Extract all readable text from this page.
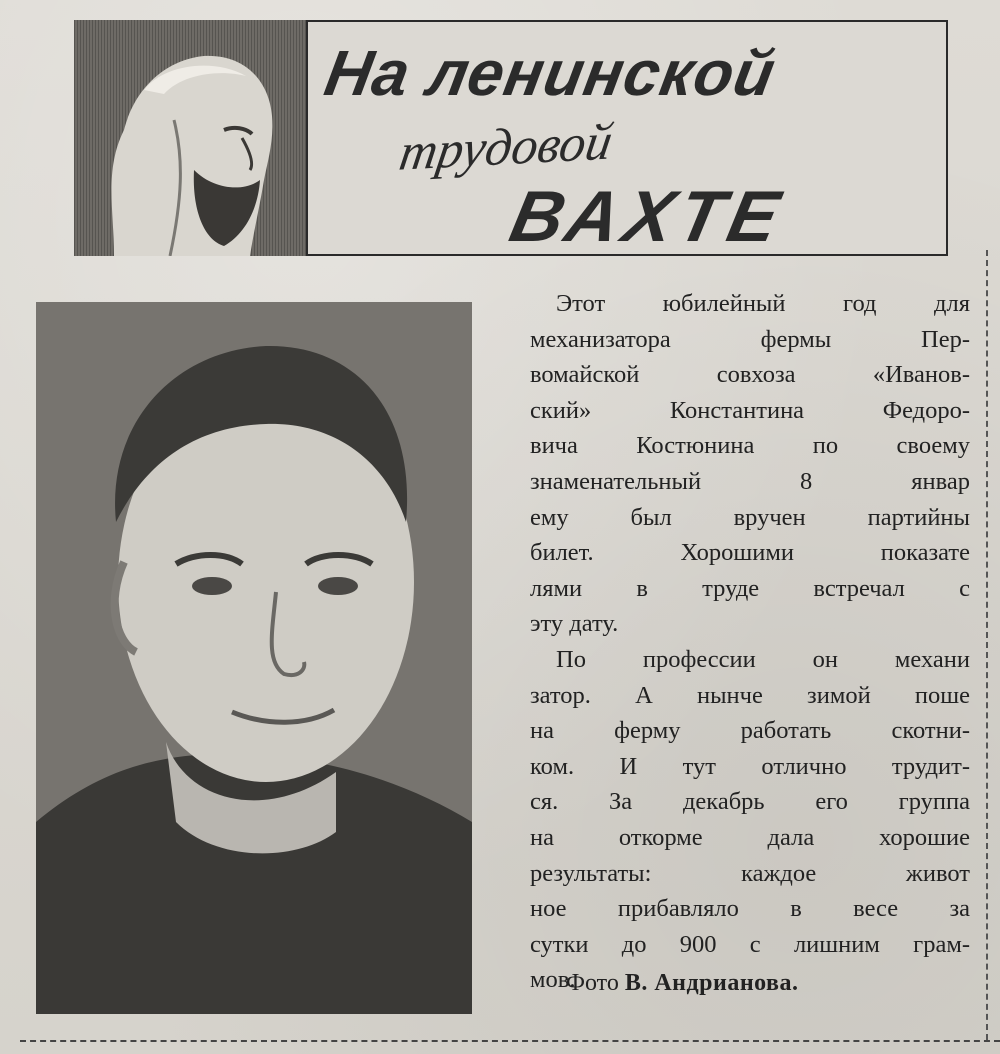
На ленинской
трудовой
ВАХТЕ
Этот юбилейный год для
механизатора фермы Пер-
вомайской совхоза «Иванов-
ский» Константина Федоро-
вича Костюнина по своему
знаменательный 8 январ
ему был вручен партийны
билет. Хорошими показате
лями в труде встречал с
эту дату.
По профессии он механи
затор. А нынче зимой поше
на ферму работать скотни-
ком. И тут отлично трудит-
ся. За декабрь его группа
на откорме дала хорошие
результаты: каждое живот
ное прибавляло в весе за
сутки до 900 с лишним грам-
мов.
Фото В. Андрианова.
